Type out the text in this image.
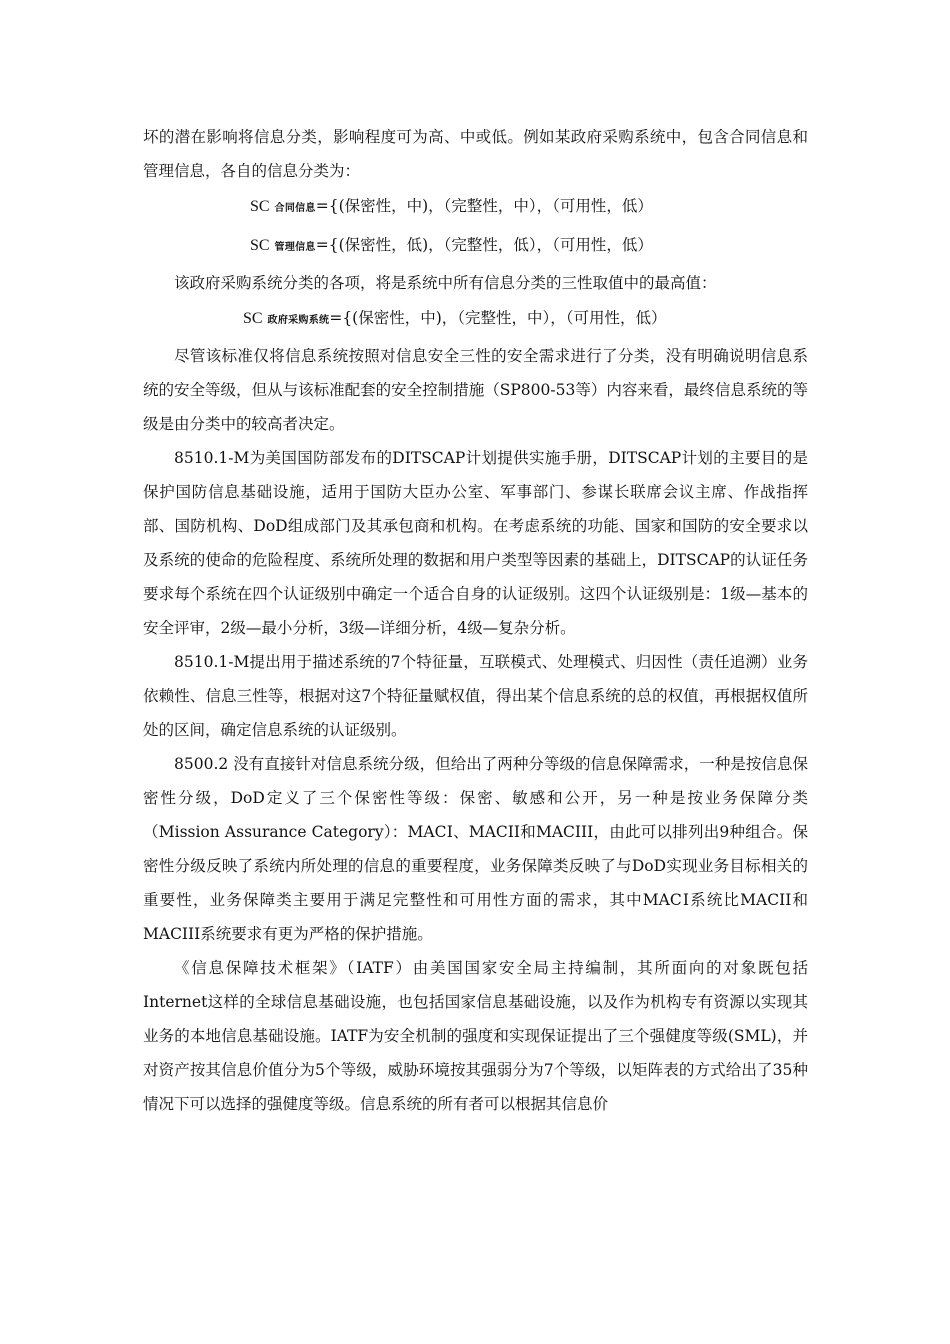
坏的潜在影响将信息分类，影响程度可为高、中或低。例如某政府采购系统中，包含合同信息和管理信息，各自的信息分类为：

SC 合同信息={(保密性，中)，（完整性，中），（可用性，低）

SC 管理信息={(保密性，低)，（完整性，低），（可用性，低）

该政府采购系统分类的各项，将是系统中所有信息分类的三性取值中的最高值：

SC 政府采购系统={(保密性，中)，（完整性，中），（可用性，低）

尽管该标准仅将信息系统按照对信息安全三性的安全需求进行了分类，没有明确说明信息系统的安全等级，但从与该标准配套的安全控制措施（SP800-53等）内容来看，最终信息系统的等级是由分类中的较高者决定。

8510.1-M为美国国防部发布的DITSCAP计划提供实施手册，DITSCAP计划的主要目的是保护国防信息基础设施，适用于国防大臣办公室、军事部门、参谋长联席会议主席、作战指挥部、国防机构、DoD组成部门及其承包商和机构。在考虑系统的功能、国家和国防的安全要求以及系统的使命的危险程度、系统所处理的数据和用户类型等因素的基础上，DITSCAP的认证任务要求每个系统在四个认证级别中确定一个适合自身的认证级别。这四个认证级别是：1级—基本的安全评审，2级—最小分析，3级—详细分析，4级—复杂分析。

8510.1-M提出用于描述系统的7个特征量，互联模式、处理模式、归因性（责任追溯）业务依赖性、信息三性等，根据对这7个特征量赋权值，得出某个信息系统的总的权值，再根据权值所处的区间，确定信息系统的认证级别。

8500.2 没有直接针对信息系统分级，但给出了两种分等级的信息保障需求，一种是按信息保密性分级，DoD定义了三个保密性等级：保密、敏感和公开，另一种是按业务保障分类（Mission Assurance Category）：MACⅠ、MACII和MACIII，由此可以排列出9种组合。保密性分级反映了系统内所处理的信息的重要程度，业务保障类反映了与DoD实现业务目标相关的重要性，业务保障类主要用于满足完整性和可用性方面的需求，其中MACⅠ系统比MACII和MACIII系统要求有更为严格的保护措施。

《信息保障技术框架》（IATF）由美国国家安全局主持编制，其所面向的对象既包括Internet这样的全球信息基础设施，也包括国家信息基础设施，以及作为机构专有资源以实现其业务的本地信息基础设施。IATF为安全机制的强度和实现保证提出了三个强健度等级(SML)，并对资产按其信息价值分为5个等级，威胁环境按其强弱分为7个等级，以矩阵表的方式给出了35种情况下可以选择的强健度等级。信息系统的所有者可以根据其信息价
